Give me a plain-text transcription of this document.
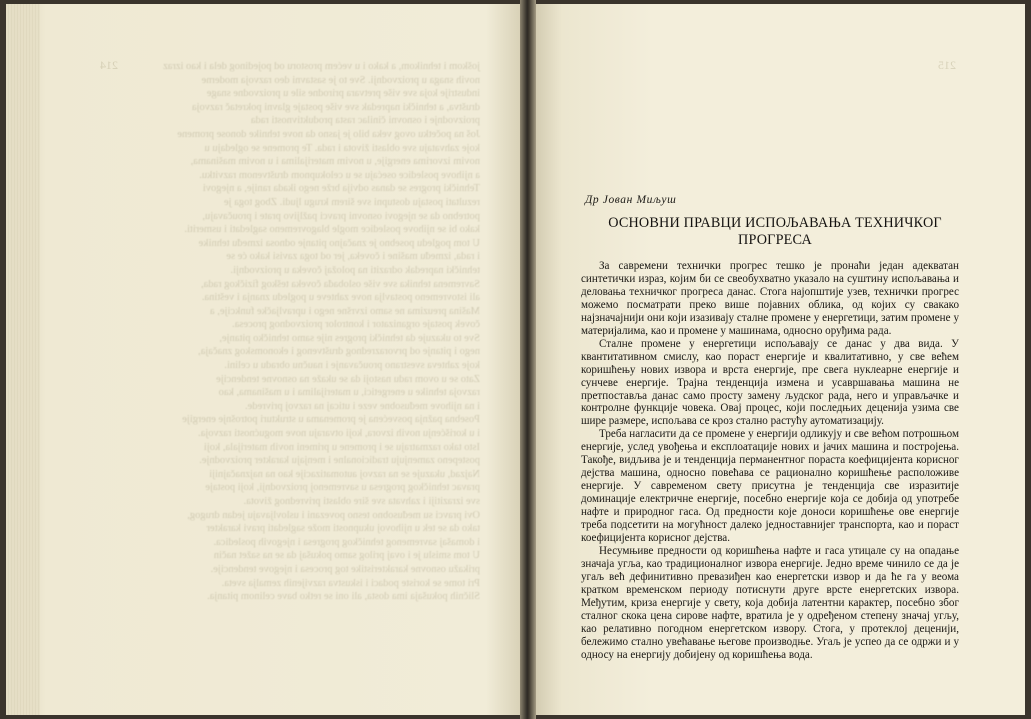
214	joškom i tehnikom, a kako i u većem prostoru od pojedinog dela i kao izraz
novih snaga u proizvodnji. Sve to je sastavni deo razvoja moderne
industrije koja sve više pretvara prirodne sile u proizvodne snage
društva, a tehnički napredak sve više postaje glavni pokretač razvoja
proizvodnje i osnovni činilac rasta produktivnosti rada
Još na početku ovog veka bilo je jasno da nove tehnike donose promene
koje zahvataju sve oblasti života i rada. Te promene se ogledaju u
novim izvorima energije, u novim materijalima i u novim mašinama,
a njihove posledice osećaju se u celokupnom društvenom razvitku.
Tehnički progres se danas odvija brže nego ikada ranije, a njegovi
rezultati postaju dostupni sve širem krugu ljudi. Zbog toga je
potrebno da se njegovi osnovni pravci pažljivo prate i proučavaju,
kako bi se njihove posledice mogle blagovremeno sagledati i usmeriti.
U tom pogledu posebno je značajno pitanje odnosa između tehnike
i rada, između mašine i čoveka, jer od toga zavisi kako će se
tehnički napredak odraziti na položaj čoveka u proizvodnji.
Savremena tehnika sve više oslobađa čoveka teškog fizičkog rada,
ali istovremeno postavlja nove zahteve u pogledu znanja i veština.
Mašina preuzima ne samo izvršne nego i upravljačke funkcije, a
čovek postaje organizator i kontrolor proizvodnog procesa.
Sve to ukazuje da tehnički progres nije samo tehničko pitanje,
nego i pitanje od prvorazrednog društvenog i ekonomskog značaja,
koje zahteva svestrano proučavanje i naučnu obradu u celini.
Zato se u ovom radu nastoji da se ukaže na osnovne tendencije
razvoja tehnike u energetici, u materijalima i u mašinama, kao
i na njihove međusobne veze i uticaj na razvoj privrede.
Posebna pažnja posvećena je promenama u strukturi potrošnje energije
i u korišćenju novih izvora, koji otvaraju nove mogućnosti razvoja.
Isto tako razmatraju se i promene u primeni novih materijala, koji
postepeno zamenjuju tradicionalne i menjaju karakter proizvodnje.
Najzad, ukazuje se na razvoj automatizacije kao na najznačajniji
pravac tehničkog progresa u savremenoj proizvodnji, koji postaje
sve izrazitiji i zahvata sve šire oblasti privrednog života.
Ovi pravci su međusobno tesno povezani i uslovljavaju jedan drugog,
tako da se tek u njihovoj ukupnosti može sagledati pravi karakter
i domašaj savremenog tehničkog progresa i njegovih posledica.
U tom smislu je i ovaj prilog samo pokušaj da se na sažet način
prikažu osnovne karakteristike tog procesa i njegove tendencije.
Pri tome se koriste podaci i iskustva razvijenih zemalja sveta.
Sličnih pokušaja ima dosta, ali oni se retko bave celinom pitanja.
215

Др Јован Миљуш

ОСНОВНИ ПРАВЦИ ИСПОЉАВАЊА ТЕХНИЧКОГ
ПРОГРЕСА

За савремени технички прогрес тешко је пронаћи један адекватан синтетички израз, којим би се свеобухватно указало на суштину испољавања и деловања техничког прогреса данас. Стога најопштије узев, технички прогрес можемо посматрати преко више појавних облика, од којих су свакако најзначајнији они који изазивају сталне промене у енергетици, затим промене у материјалима, као и промене у машинама, односно оруђима рада.

Сталне промене у енергетици испољавају се данас у два вида. У квантитативном смислу, као пораст енергије и квалитативно, у све већем коришћењу нових извора и врста енергије, пре свега нуклеарне енергије и сунчеве енергије. Трајна тенденција измена и усавршавања машина не претпоставља данас само просту замену људског рада, него и управљачке и контролне функције човека. Овај процес, који последњих деценија узима све шире размере, испољава се кроз стално растућу аутоматизацију.

Треба нагласити да се промене у енергији одликују и све већом потрошњом енергије, услед увођења и експлоатације нових и јачих машина и постројења. Такође, видљива је и тенденција перманентног пораста коефицијента корисног дејства машина, односно повећава се рационално коришћење расположиве енергије. У савременом свету присутна је тенденција све изразитије доминације електричне енергије, посебно енергије која се добија од употребе нафте и природног гаса. Од предности које доноси коришћење ове енергије треба подсетити на могућност далеко једноставнијег транспорта, као и пораст коефицијента корисног дејства.

Несумњиве предности од коришћења нафте и гаса утицале су на опадање значаја угља, као традиционалног извора енергије. Једно време чинило се да је угаљ већ дефинитивно превазиђен као енергетски извор и да ће га у веома кратком временском периоду потиснути друге врсте енергетских извора. Међутим, криза енергије у свету, која добија латентни карактер, посебно због сталног скока цена сирове нафте, вратила је у одређеном степену значај угљу, као релативно погодном енергетском извору. Стога, у протеклој деценији, бележимо стално увећавање његове производње. Угаљ је успео да се одржи и у односу на енергију добијену од коришћења вода.
